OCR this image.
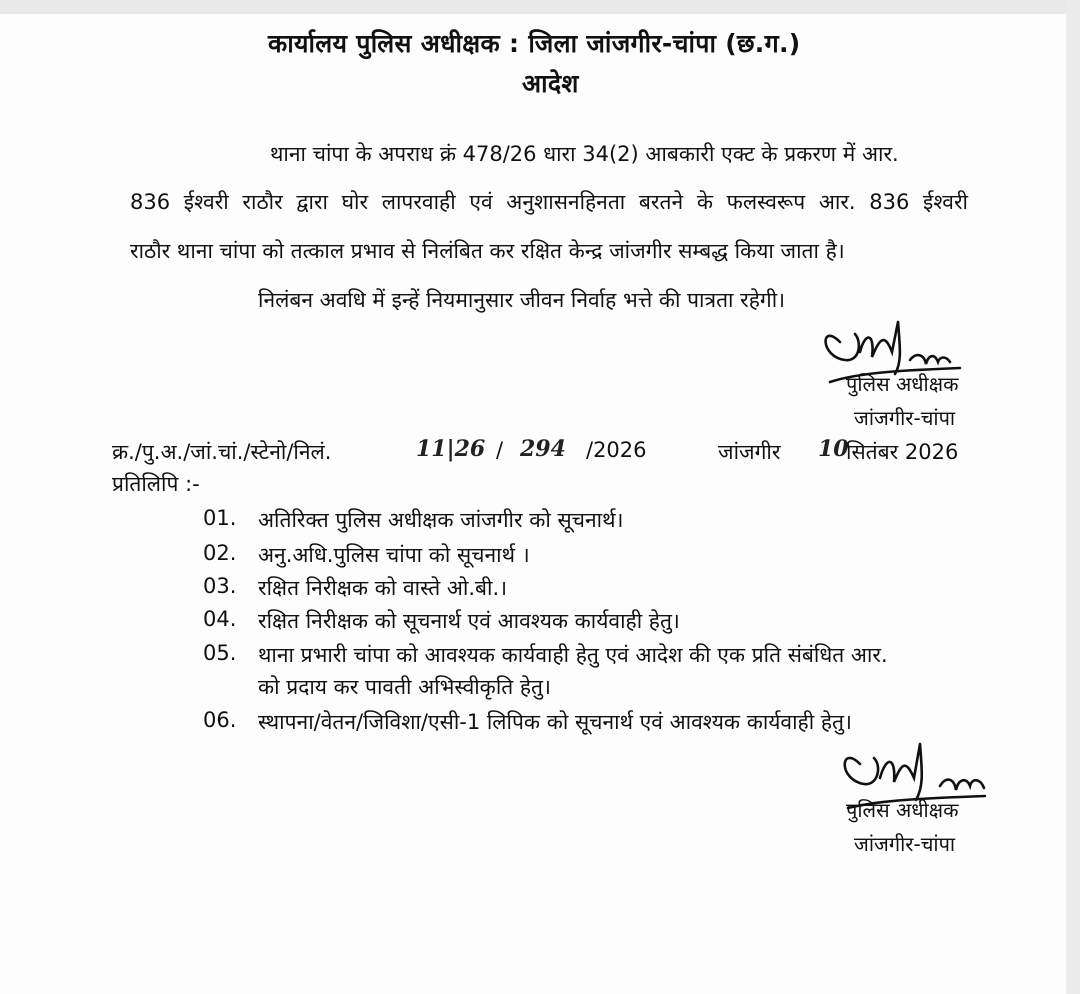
कार्यालय पुलिस अधीक्षक : जिला जांजगीर-चांपा (छ.ग.)
आदेश
थाना चांपा के अपराध क्रं 478/26 धारा 34(2) आबकारी एक्ट के प्रकरण में आर.
836 ईश्वरी राठौर द्वारा घोर लापरवाही एवं अनुशासनहिनता बरतने के फलस्वरूप आर. 836 ईश्वरी
राठौर थाना चांपा को तत्काल प्रभाव से निलंबित कर रक्षित केन्द्र जांजगीर सम्बद्ध किया जाता है।
निलंबन अवधि में इन्हें नियमानुसार जीवन निर्वाह भत्ते की पात्रता रहेगी।
पुलिस अधीक्षक
जांजगीर-चांपा
क्र./पु.अ./जां.चां./स्टेनो/निलं.	11|26 / 294 /2026	जांजगीर 10
सितंबर 2026
प्रतिलिपि :-
01. अतिरिक्त पुलिस अधीक्षक जांजगीर को सूचनार्थ।
02. अनु.अधि.पुलिस चांपा को सूचनार्थ ।
03. रक्षित निरीक्षक को वास्ते ओ.बी.।
04. रक्षित निरीक्षक को सूचनार्थ एवं आवश्यक कार्यवाही हेतु।
05. थाना प्रभारी चांपा को आवश्यक कार्यवाही हेतु एवं आदेश की एक प्रति संबंधित आर.
को प्रदाय कर पावती अभिस्वीकृति हेतु।
06. स्थापना/वेतन/जिविशा/एसी-1 लिपिक को सूचनार्थ एवं आवश्यक कार्यवाही हेतु।
पुलिस अधीक्षक
जांजगीर-चांपा
